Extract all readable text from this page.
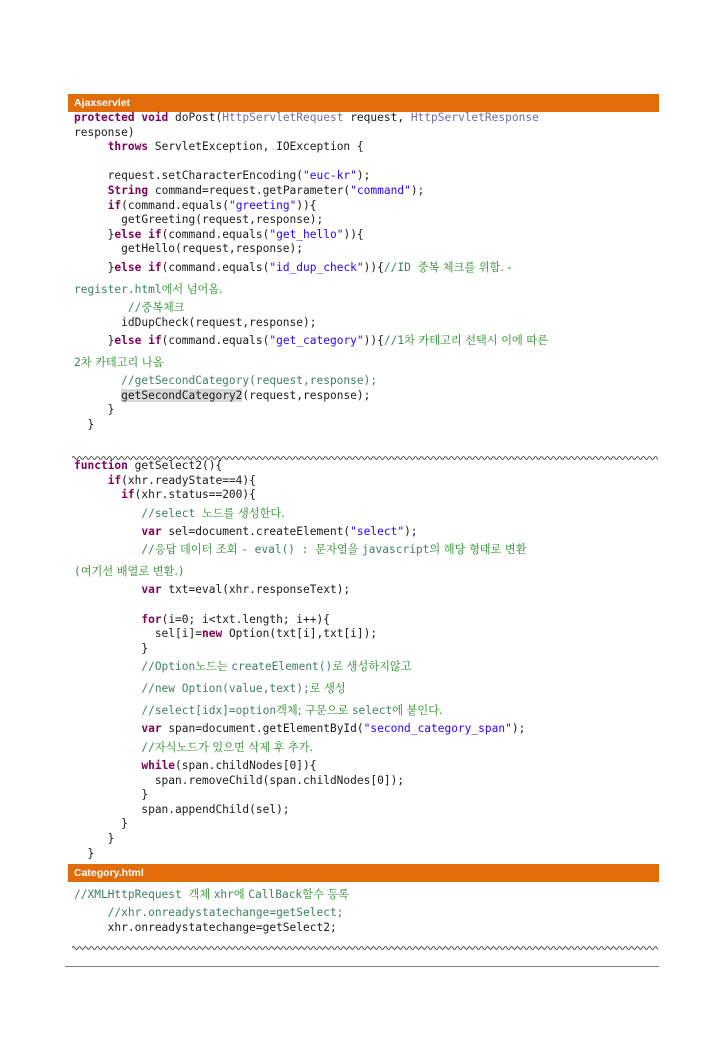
Ajaxservlet
protected void doPost(HttpServletRequest request, HttpServletResponse
response)
throws ServletException, IOException {
request.setCharacterEncoding("euc-kr");
String command=request.getParameter("command");
if(command.equals("greeting")){
getGreeting(request,response);
}else if(command.equals("get_hello")){
getHello(request,response);
}else if(command.equals("id_dup_check")){//ID 중복 체크를 위함. -
register.html에서 넘어옴.
//중복체크
idDupCheck(request,response);
}else if(command.equals("get_category")){//1차 카테고리 선택시 이에 따른
2차 카테고리 나옴
//getSecondCategory(request,response);
getSecondCategory2(request,response);
}
}
function getSelect2(){
if(xhr.readyState==4){
if(xhr.status==200){
//select 노드를 생성한다.
var sel=document.createElement("select");
//응답 데이터 조회 - eval() : 문자열을 javascript의 해당 형태로 변환
(여기선 배열로 변환.)
var txt=eval(xhr.responseText);
for(i=0; i<txt.length; i++){
sel[i]=new Option(txt[i],txt[i]);
}
//Option노드는 createElement()로 생성하지않고
//new Option(value,text);로 생성
//select[idx]=option객체; 구문으로 select에 붙인다.
var span=document.getElementById("second_category_span");
//자식노드가 있으면 삭제 후 추가.
while(span.childNodes[0]){
span.removeChild(span.childNodes[0]);
}
span.appendChild(sel);
}
}
}
Category.html
//XMLHttpRequest 객체 xhr에 CallBack함수 등록
//xhr.onreadystatechange=getSelect;
xhr.onreadystatechange=getSelect2;
